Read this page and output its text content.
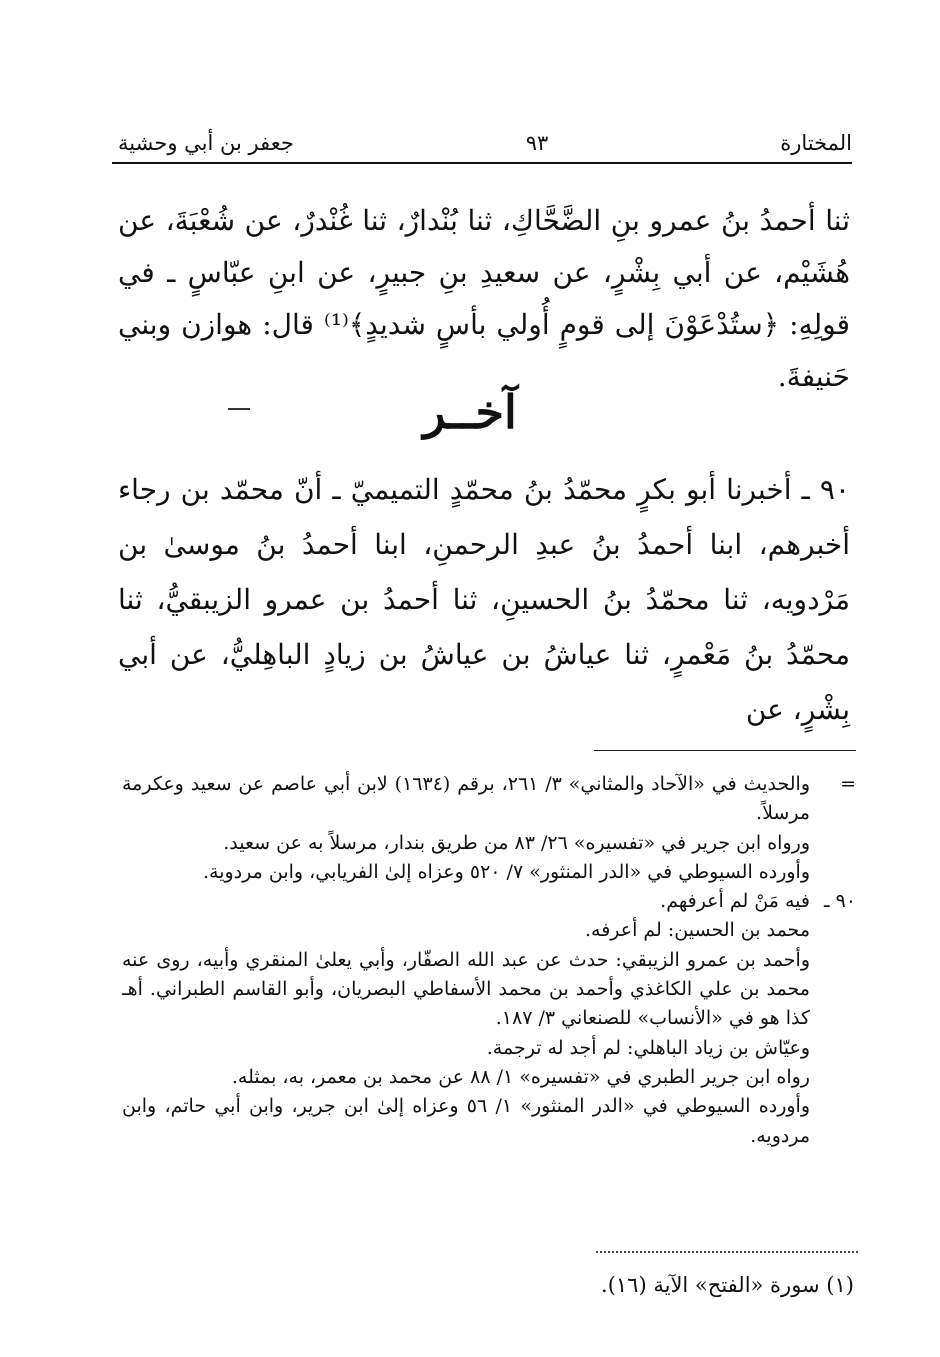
المختارة
٩٣
جعفر بن أبي وحشية
ثنا أحمدُ بنُ عمرو بنِ الضَّحَّاكِ، ثنا بُنْدارٌ، ثنا غُنْدرٌ، عن شُعْبَةَ، عن هُشَيْم، عن أبي بِشْرٍ، عن سعيدِ بنِ جبيرٍ، عن ابنِ عبّاسٍ ـ في قولِهِ: ﴿ستُدْعَوْنَ إلى قومٍ أُولي بأسٍ شديدٍ﴾⁽¹⁾ قال: هوازن وبني حَنيفةَ.
آخــر
٩٠ ـ أخبرنا أبو بكرٍ محمّدُ بنُ محمّدٍ التميميّ ـ أنّ محمّد بن رجاء أخبرهم، ابنا أحمدُ بنُ عبدِ الرحمنِ، ابنا أحمدُ بنُ موسىٰ بن مَرْدويه، ثنا محمّدُ بنُ الحسينِ، ثنا أحمدُ بن عمرو الزيبقيُّ، ثنا محمّدُ بنُ مَعْمرٍ، ثنا عياشُ بن عياشُ بن زيادٍ الباهِليُّ، عن أبي بِشْرٍ، عن
=
والحديث في «الآحاد والمثاني» ٣/ ٢٦١، برقم (١٦٣٤) لابن أبي عاصم عن سعيد وعكرمة مرسلاً.
ورواه ابن جرير في «تفسيره» ٢٦/ ٨٣ من طريق بندار، مرسلاً به عن سعيد.
وأورده السيوطي في «الدر المنثور» ٧/ ٥٢٠ وعزاه إلىٰ الفريابي، وابن مردوية.
٩٠ ـ
فيه مَنْ لم أعرفهم.
محمد بن الحسين: لم أعرفه.
وأحمد بن عمرو الزيبقي: حدث عن عبد الله الصفّار، وأبي يعلىٰ المنقري وأبيه، روى عنه محمد بن علي الكاغذي وأحمد بن محمد الأسفاطي البصريان، وأبو القاسم الطبراني. أهـ كذا هو في «الأنساب» للصنعاني ٣/ ١٨٧.
وعيّاش بن زياد الباهلي: لم أجد له ترجمة.
رواه ابن جرير الطبري في «تفسيره» ١/ ٨٨ عن محمد بن معمر، به، بمثله.
وأورده السيوطي في «الدر المنثور» ١/ ٥٦ وعزاه إلىٰ ابن جرير، وابن أبي حاتم، وابن مردويه.
(١) سورة «الفتح» الآية (١٦).
